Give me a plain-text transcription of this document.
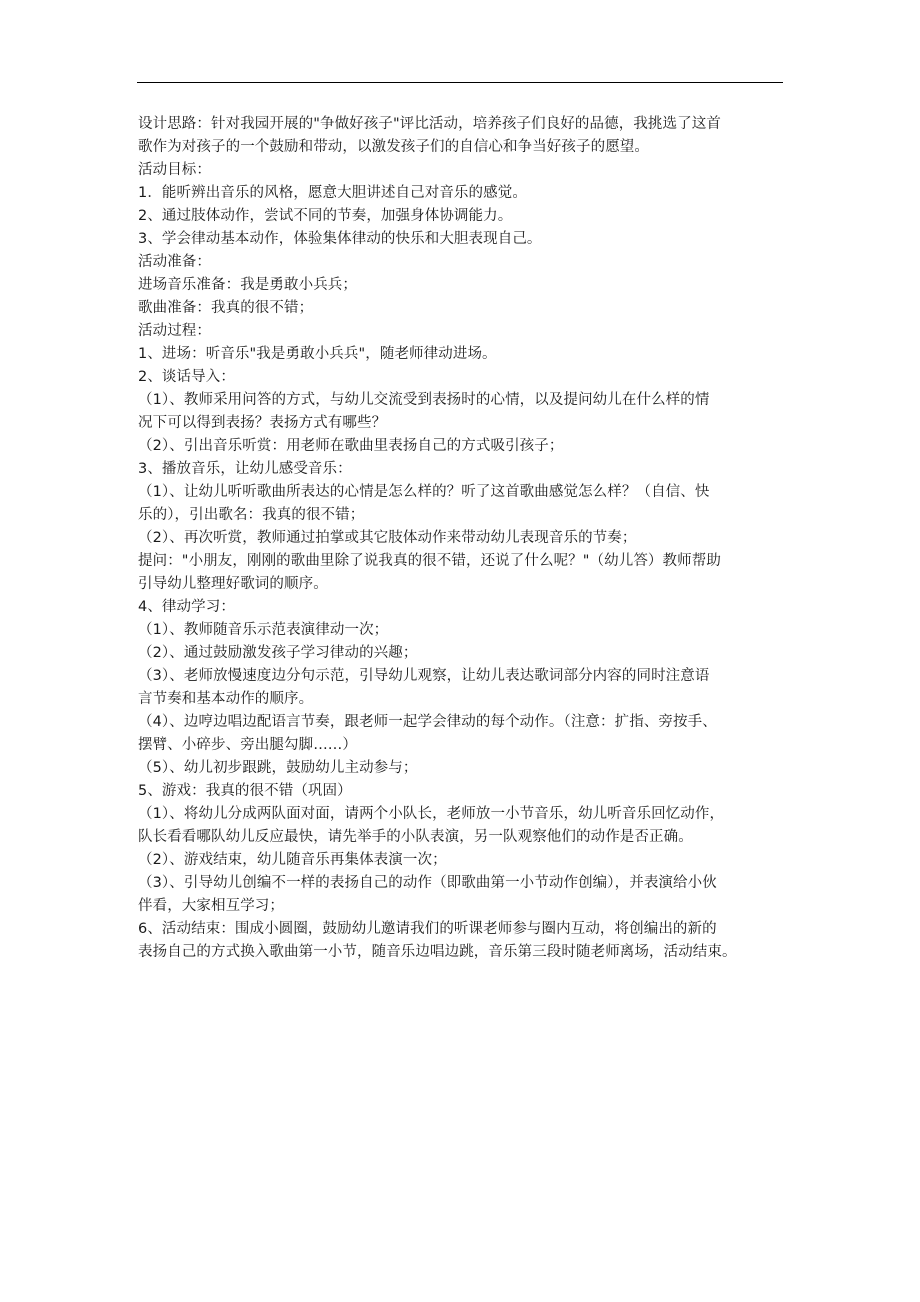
设计思路：针对我园开展的"争做好孩子"评比活动，培养孩子们良好的品德，我挑选了这首
歌作为对孩子的一个鼓励和带动，以激发孩子们的自信心和争当好孩子的愿望。
活动目标：
1．能听辨出音乐的风格，愿意大胆讲述自己对音乐的感觉。
2、通过肢体动作，尝试不同的节奏，加强身体协调能力。
3、学会律动基本动作，体验集体律动的快乐和大胆表现自己。
活动准备：
进场音乐准备：我是勇敢小兵兵；
歌曲准备：我真的很不错；
活动过程：
1、进场：听音乐"我是勇敢小兵兵"，随老师律动进场。
2、谈话导入：
（1）、教师采用问答的方式，与幼儿交流受到表扬时的心情，以及提问幼儿在什么样的情
况下可以得到表扬？表扬方式有哪些？
（2）、引出音乐听赏：用老师在歌曲里表扬自己的方式吸引孩子；
3、播放音乐，让幼儿感受音乐：
（1）、让幼儿听听歌曲所表达的心情是怎么样的？听了这首歌曲感觉怎么样？（自信、快
乐的），引出歌名：我真的很不错；
（2）、再次听赏，教师通过拍掌或其它肢体动作来带动幼儿表现音乐的节奏；
提问："小朋友，刚刚的歌曲里除了说我真的很不错，还说了什么呢？"（幼儿答）教师帮助
引导幼儿整理好歌词的顺序。
4、律动学习：
（1）、教师随音乐示范表演律动一次；
（2）、通过鼓励激发孩子学习律动的兴趣；
（3）、老师放慢速度边分句示范，引导幼儿观察，让幼儿表达歌词部分内容的同时注意语
言节奏和基本动作的顺序。
（4）、边哼边唱边配语言节奏，跟老师一起学会律动的每个动作。（注意：扩指、旁按手、
摆臂、小碎步、旁出腿勾脚……）
（5）、幼儿初步跟跳，鼓励幼儿主动参与；
5、游戏：我真的很不错（巩固）
（1）、将幼儿分成两队面对面，请两个小队长，老师放一小节音乐，幼儿听音乐回忆动作，
队长看看哪队幼儿反应最快，请先举手的小队表演，另一队观察他们的动作是否正确。
（2）、游戏结束，幼儿随音乐再集体表演一次；
（3）、引导幼儿创编不一样的表扬自己的动作（即歌曲第一小节动作创编），并表演给小伙
伴看，大家相互学习；
6、活动结束：围成小圆圈，鼓励幼儿邀请我们的听课老师参与圈内互动，将创编出的新的
表扬自己的方式换入歌曲第一小节，随音乐边唱边跳，音乐第三段时随老师离场，活动结束。
